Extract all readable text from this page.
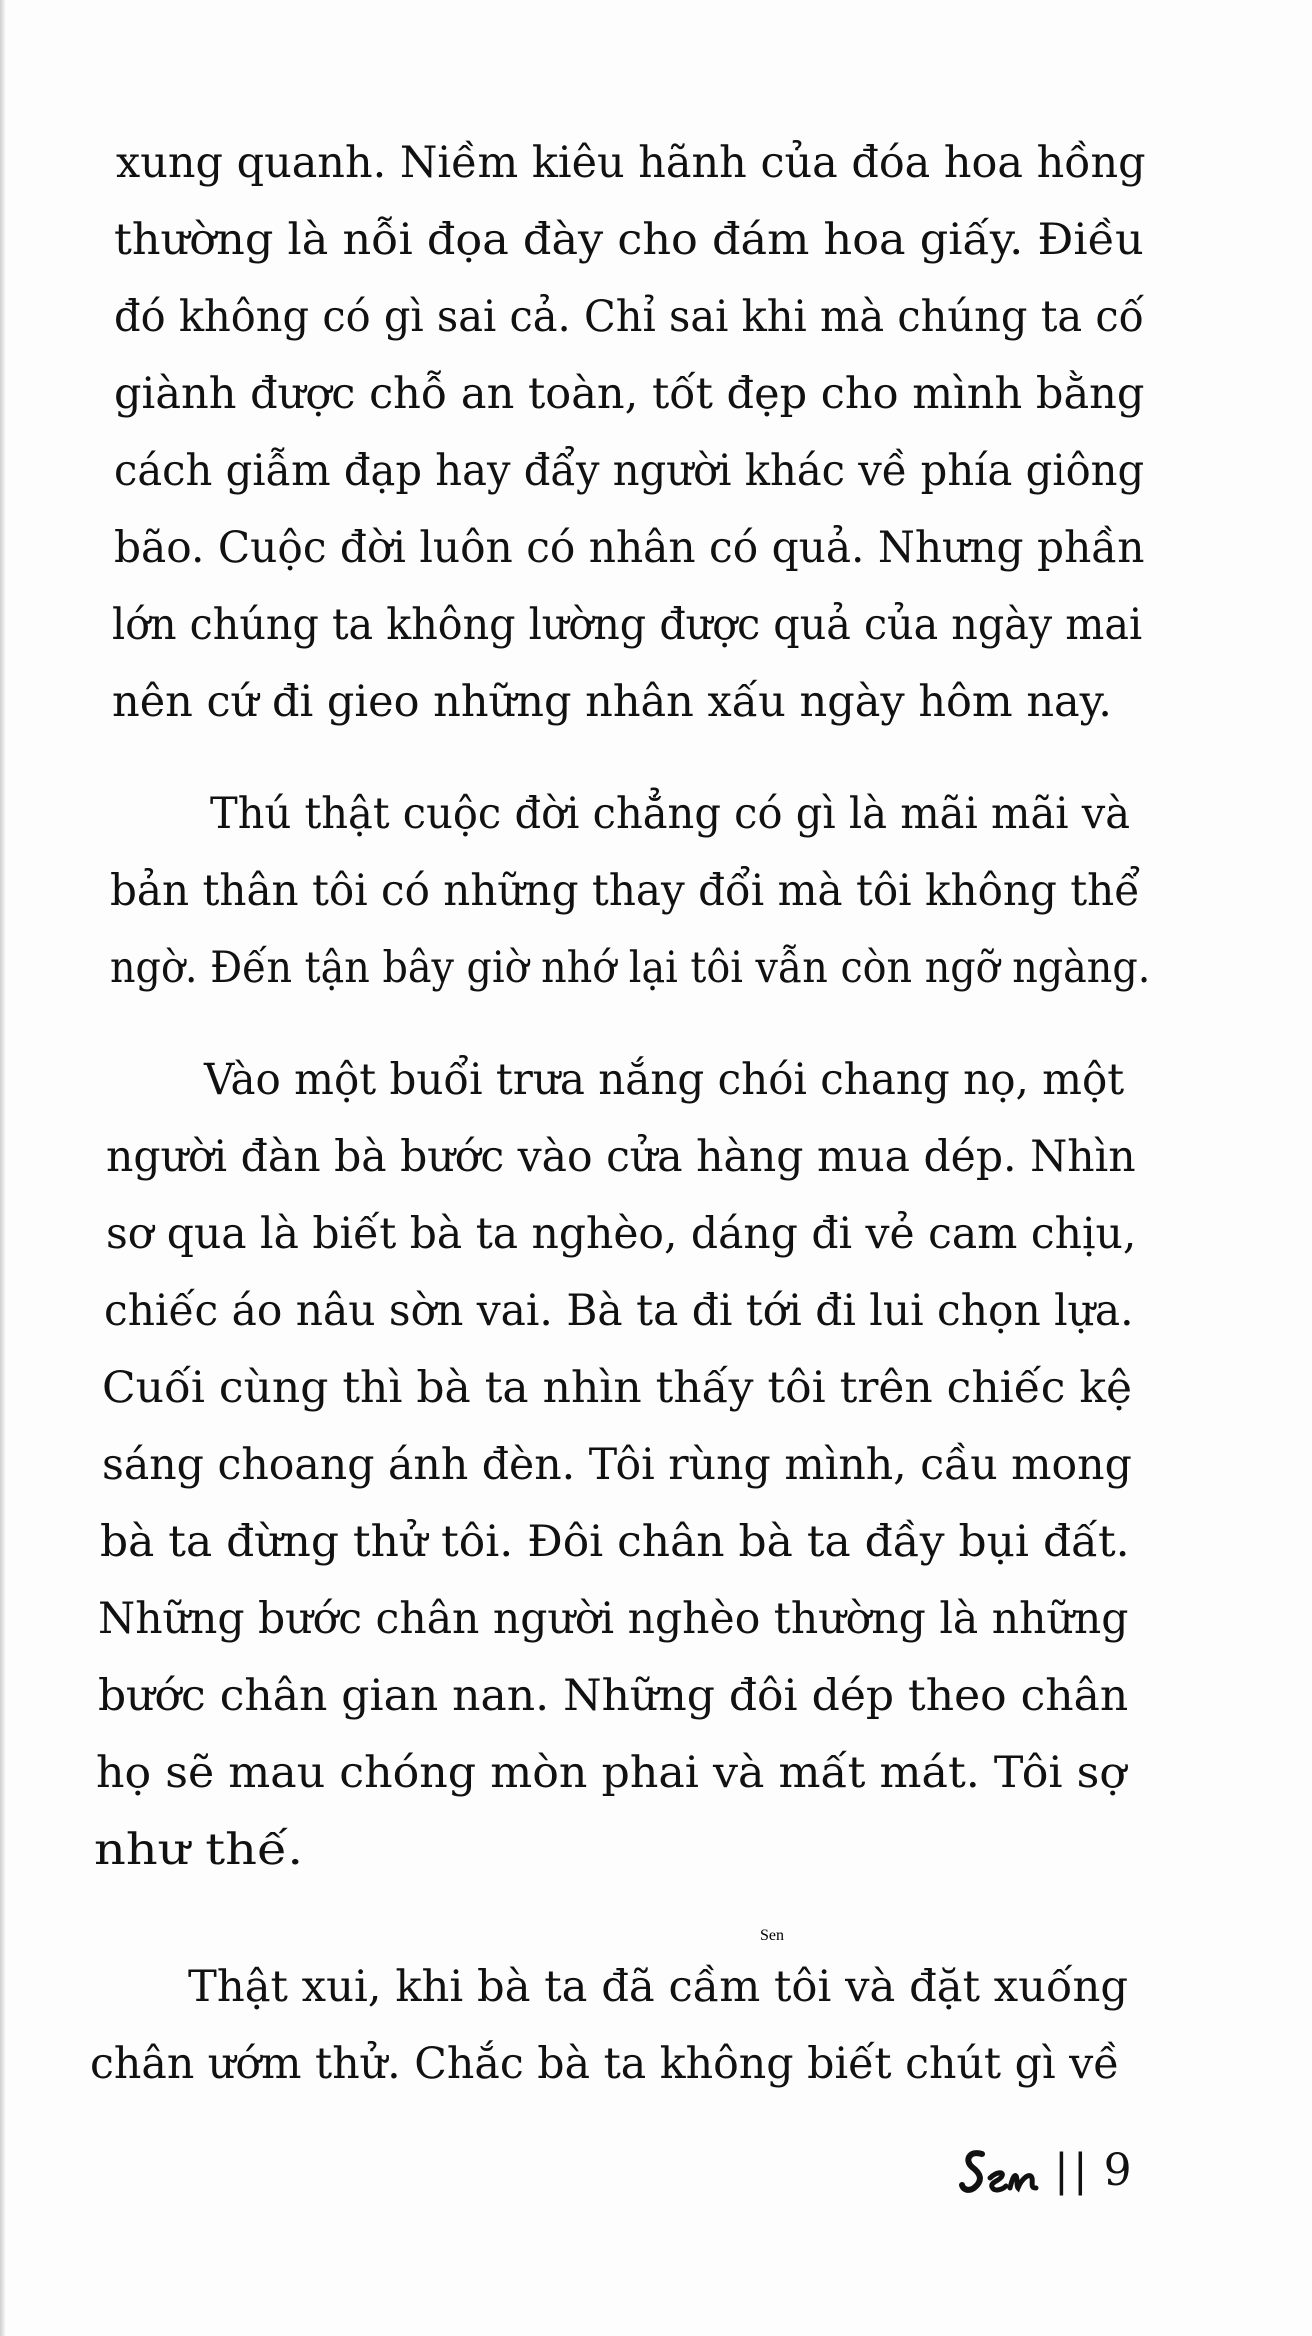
xung quanh. Niềm kiêu hãnh của đóa hoa hồng
thường là nỗi đọa đày cho đám hoa giấy. Điều
đó không có gì sai cả. Chỉ sai khi mà chúng ta cố
giành được chỗ an toàn, tốt đẹp cho mình bằng
cách giẫm đạp hay đẩy người khác về phía giông
bão. Cuộc đời luôn có nhân có quả. Nhưng phần
lớn chúng ta không lường được quả của ngày mai
nên cứ đi gieo những nhân xấu ngày hôm nay.
Thú thật cuộc đời chẳng có gì là mãi mãi và
bản thân tôi có những thay đổi mà tôi không thể
ngờ. Đến tận bây giờ nhớ lại tôi vẫn còn ngỡ ngàng.
Vào một buổi trưa nắng chói chang nọ, một
người đàn bà bước vào cửa hàng mua dép. Nhìn
sơ qua là biết bà ta nghèo, dáng đi vẻ cam chịu,
chiếc áo nâu sờn vai. Bà ta đi tới đi lui chọn lựa.
Cuối cùng thì bà ta nhìn thấy tôi trên chiếc kệ
sáng choang ánh đèn. Tôi rùng mình, cầu mong
bà ta đừng thử tôi. Đôi chân bà ta đầy bụi đất.
Những bước chân người nghèo thường là những
bước chân gian nan. Những đôi dép theo chân
họ sẽ mau chóng mòn phai và mất mát. Tôi sợ
như thế.
Thật xui, khi bà ta đã cầm tôi và đặt xuống
chân ướm thử. Chắc bà ta không biết chút gì về
Sen
|| 9
